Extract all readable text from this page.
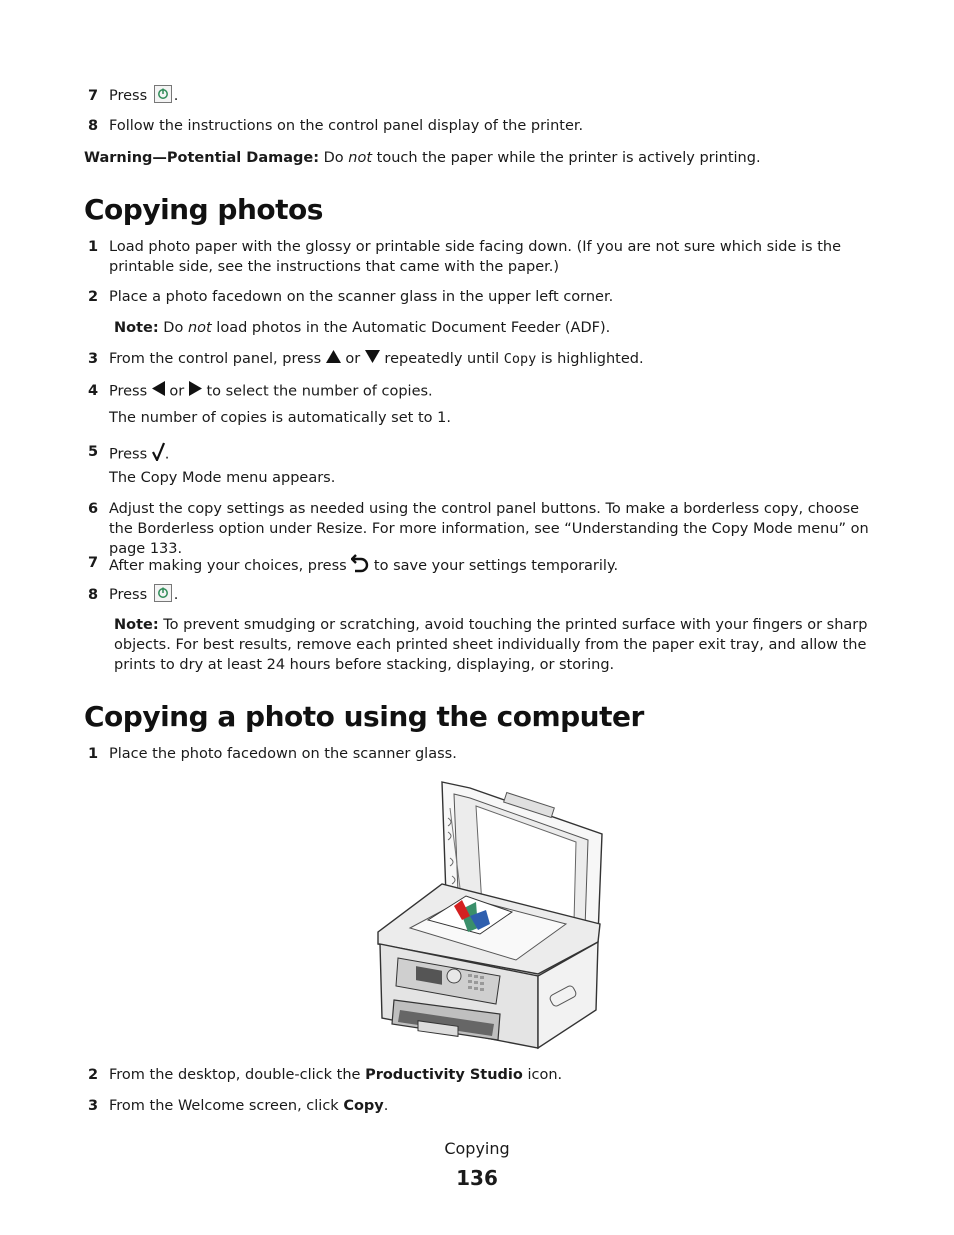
7 Press .
8 Follow the instructions on the control panel display of the printer.
Warning—Potential Damage: Do not touch the paper while the printer is actively printing.
Copying photos
1 Load photo paper with the glossy or printable side facing down. (If you are not sure which side is the printable side, see the instructions that came with the paper.)
2 Place a photo facedown on the scanner glass in the upper left corner.
Note: Do not load photos in the Automatic Document Feeder (ADF).
3 From the control panel, press or repeatedly until Copy is highlighted.
4 Press or to select the number of copies.
The number of copies is automatically set to 1.
5 Press .
The Copy Mode menu appears.
6 Adjust the copy settings as needed using the control panel buttons. To make a borderless copy, choose the Borderless option under Resize. For more information, see “Understanding the Copy Mode menu” on page 133.
7 After making your choices, press to save your settings temporarily.
8 Press .
Note: To prevent smudging or scratching, avoid touching the printed surface with your fingers or sharp objects. For best results, remove each printed sheet individually from the paper exit tray, and allow the prints to dry at least 24 hours before stacking, displaying, or storing.
Copying a photo using the computer
1 Place the photo facedown on the scanner glass.
2 From the desktop, double-click the Productivity Studio icon.
3 From the Welcome screen, click Copy.
Copying
136
